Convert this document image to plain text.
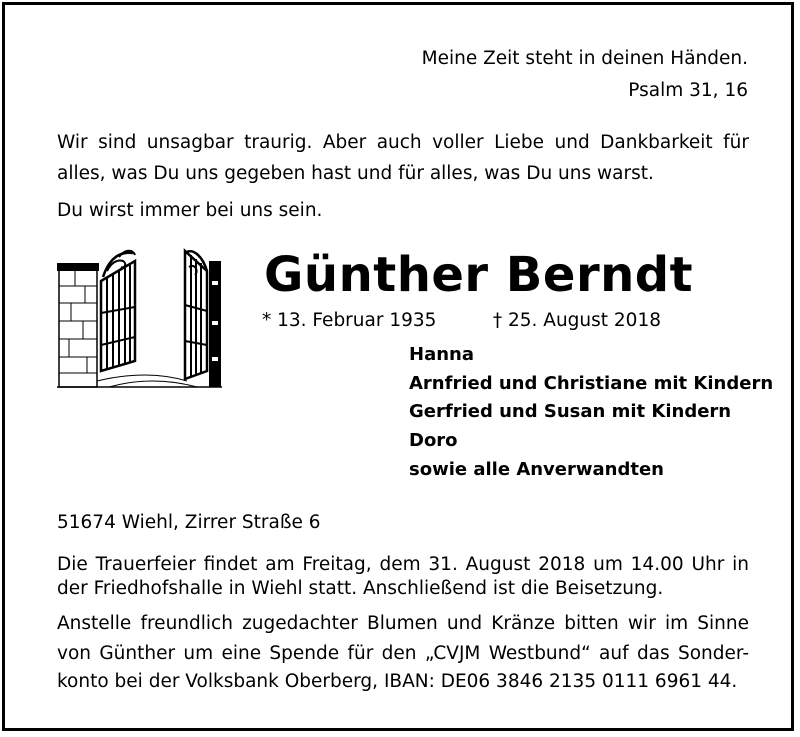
Meine Zeit steht in deinen Händen.
Psalm 31, 16
Wir sind unsagbar traurig. Aber auch voller Liebe und Dankbarkeit für
alles, was Du uns gegeben hast und für alles, was Du uns warst.
Du wirst immer bei uns sein.
Günther Berndt
* 13. Februar 1935	† 25. August 2018
Hanna
Arnfried und Christiane mit Kindern
Gerfried und Susan mit Kindern
Doro
sowie alle Anverwandten
51674 Wiehl, Zirrer Straße 6
Die Trauerfeier findet am Freitag, dem 31. August 2018 um 14.00 Uhr in
der Friedhofshalle in Wiehl statt. Anschließend ist die Beisetzung.
Anstelle freundlich zugedachter Blumen und Kränze bitten wir im Sinne
von Günther um eine Spende für den „CVJM Westbund“ auf das Sonder-
konto bei der Volksbank Oberberg, IBAN: DE06 3846 2135 0111 6961 44.
